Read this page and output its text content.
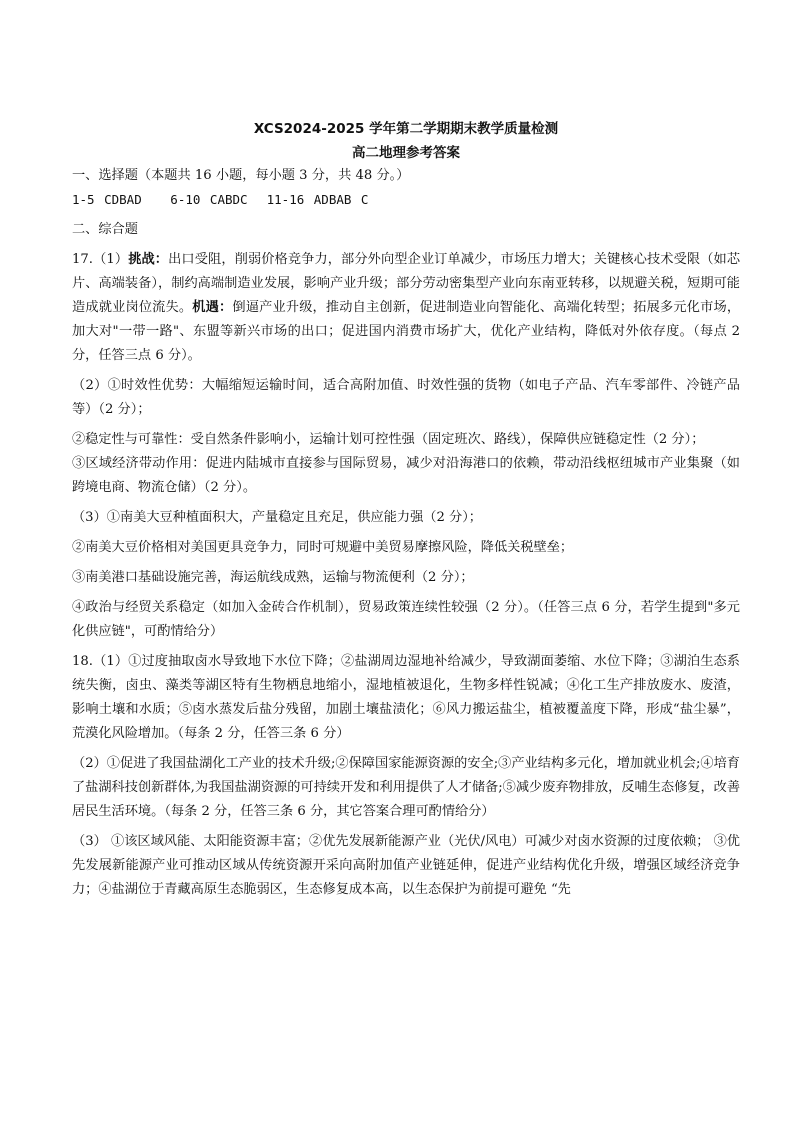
XCS2024-2025 学年第二学期期末教学质量检测
高二地理参考答案

一、选择题（本题共 16 小题，每小题 3 分，共 48 分。）

1-5 CDBAD   6-10 CABDC  11-16 ADBAB C

二、综合题

17.（1）挑战：出口受阻，削弱价格竞争力，部分外向型企业订单减少，市场压力增大；关键核心技术受限（如芯片、高端装备），制约高端制造业发展，影响产业升级；部分劳动密集型产业向东南亚转移，以规避关税，短期可能造成就业岗位流失。机遇：倒逼产业升级，推动自主创新，促进制造业向智能化、高端化转型；拓展多元化市场，加大对"一带一路"、东盟等新兴市场的出口；促进国内消费市场扩大，优化产业结构，降低对外依存度。（每点 2 分，任答三点 6 分）。

（2）①时效性优势：大幅缩短运输时间，适合高附加值、时效性强的货物（如电子产品、汽车零部件、冷链产品等）（2 分）；

②稳定性与可靠性：受自然条件影响小，运输计划可控性强（固定班次、路线），保障供应链稳定性（2 分）；

③区域经济带动作用：促进内陆城市直接参与国际贸易，减少对沿海港口的依赖，带动沿线枢纽城市产业集聚（如跨境电商、物流仓储）（2 分）。

（3）①南美大豆种植面积大，产量稳定且充足，供应能力强（2 分）；

②南美大豆价格相对美国更具竞争力，同时可规避中美贸易摩擦风险，降低关税壁垒；

③南美港口基础设施完善，海运航线成熟，运输与物流便利（2 分）；

④政治与经贸关系稳定（如加入金砖合作机制），贸易政策连续性较强（2 分）。（任答三点 6 分，若学生提到"多元化供应链"，可酌情给分）

18.（1）①过度抽取卤水导致地下水位下降；②盐湖周边湿地补给减少，导致湖面萎缩、水位下降；③湖泊生态系统失衡，卤虫、藻类等湖区特有生物栖息地缩小，湿地植被退化，生物多样性锐减；④化工生产排放废水、废渣，影响土壤和水质；⑤卤水蒸发后盐分残留，加剧土壤盐渍化；⑥风力搬运盐尘，植被覆盖度下降，形成“盐尘暴”，荒漠化风险增加。（每条 2 分，任答三条 6 分）

（2）①促进了我国盐湖化工产业的技术升级;②保障国家能源资源的安全;③产业结构多元化，增加就业机会;④培育了盐湖科技创新群体,为我国盐湖资源的可持续开发和利用提供了人才储备;⑤减少废弃物排放，反哺生态修复，改善居民生活环境。（每条 2 分，任答三条 6 分，其它答案合理可酌情给分）

（3） ①该区域风能、太阳能资源丰富；②优先发展新能源产业（光伏/风电）可减少对卤水资源的过度依赖； ③优先发展新能源产业可推动区域从传统资源开采向高附加值产业链延伸，促进产业结构优化升级，增强区域经济竞争力；④盐湖位于青藏高原生态脆弱区，生态修复成本高，以生态保护为前提可避免 “先
